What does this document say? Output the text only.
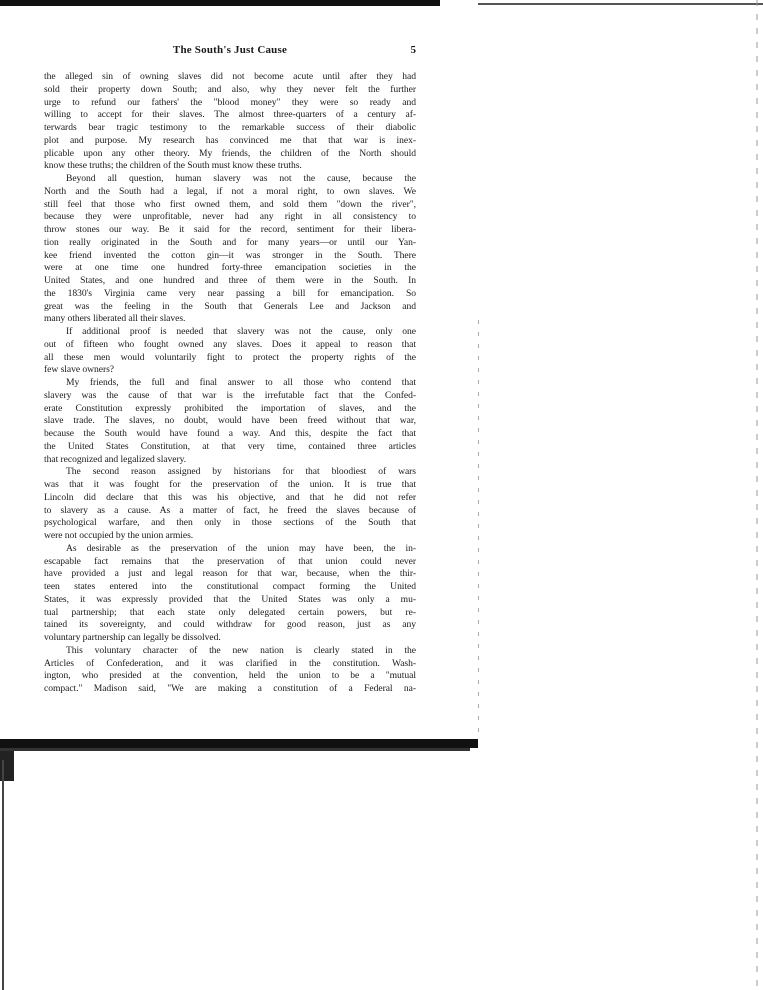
The South's Just Cause	5
the alleged sin of owning slaves did not become acute until after they had
sold their property down South; and also, why they never felt the further
urge to refund our fathers' the "blood money" they were so ready and
willing to accept for their slaves. The almost three-quarters of a century af-
terwards bear tragic testimony to the remarkable success of their diabolic
plot and purpose. My research has convinced me that that war is inex-
plicable upon any other theory. My friends, the children of the North should
know these truths; the children of the South must know these truths.
Beyond all question, human slavery was not the cause, because the
North and the South had a legal, if not a moral right, to own slaves. We
still feel that those who first owned them, and sold them "down the river",
because they were unprofitable, never had any right in all consistency to
throw stones our way. Be it said for the record, sentiment for their libera-
tion really originated in the South and for many years—or until our Yan-
kee friend invented the cotton gin—it was stronger in the South. There
were at one time one hundred forty-three emancipation societies in the
United States, and one hundred and three of them were in the South. In
the 1830's Virginia came very near passing a bill for emancipation. So
great was the feeling in the South that Generals Lee and Jackson and
many others liberated all their slaves.
If additional proof is needed that slavery was not the cause, only one
out of fifteen who fought owned any slaves. Does it appeal to reason that
all these men would voluntarily fight to protect the property rights of the
few slave owners?
My friends, the full and final answer to all those who contend that
slavery was the cause of that war is the irrefutable fact that the Confed-
erate Constitution expressly prohibited the importation of slaves, and the
slave trade. The slaves, no doubt, would have been freed without that war,
because the South would have found a way. And this, despite the fact that
the United States Constitution, at that very time, contained three articles
that recognized and legalized slavery.
The second reason assigned by historians for that bloodiest of wars
was that it was fought for the preservation of the union. It is true that
Lincoln did declare that this was his objective, and that he did not refer
to slavery as a cause. As a matter of fact, he freed the slaves because of
psychological warfare, and then only in those sections of the South that
were not occupied by the union armies.
As desirable as the preservation of the union may have been, the in-
escapable fact remains that the preservation of that union could never
have provided a just and legal reason for that war, because, when the thir-
teen states entered into the constitutional compact forming the United
States, it was expressly provided that the United States was only a mu-
tual partnership; that each state only delegated certain powers, but re-
tained its sovereignty, and could withdraw for good reason, just as any
voluntary partnership can legally be dissolved.
This voluntary character of the new nation is clearly stated in the
Articles of Confederation, and it was clarified in the constitution. Wash-
ington, who presided at the convention, held the union to be a "mutual
compact." Madison said, "We are making a constitution of a Federal na-
